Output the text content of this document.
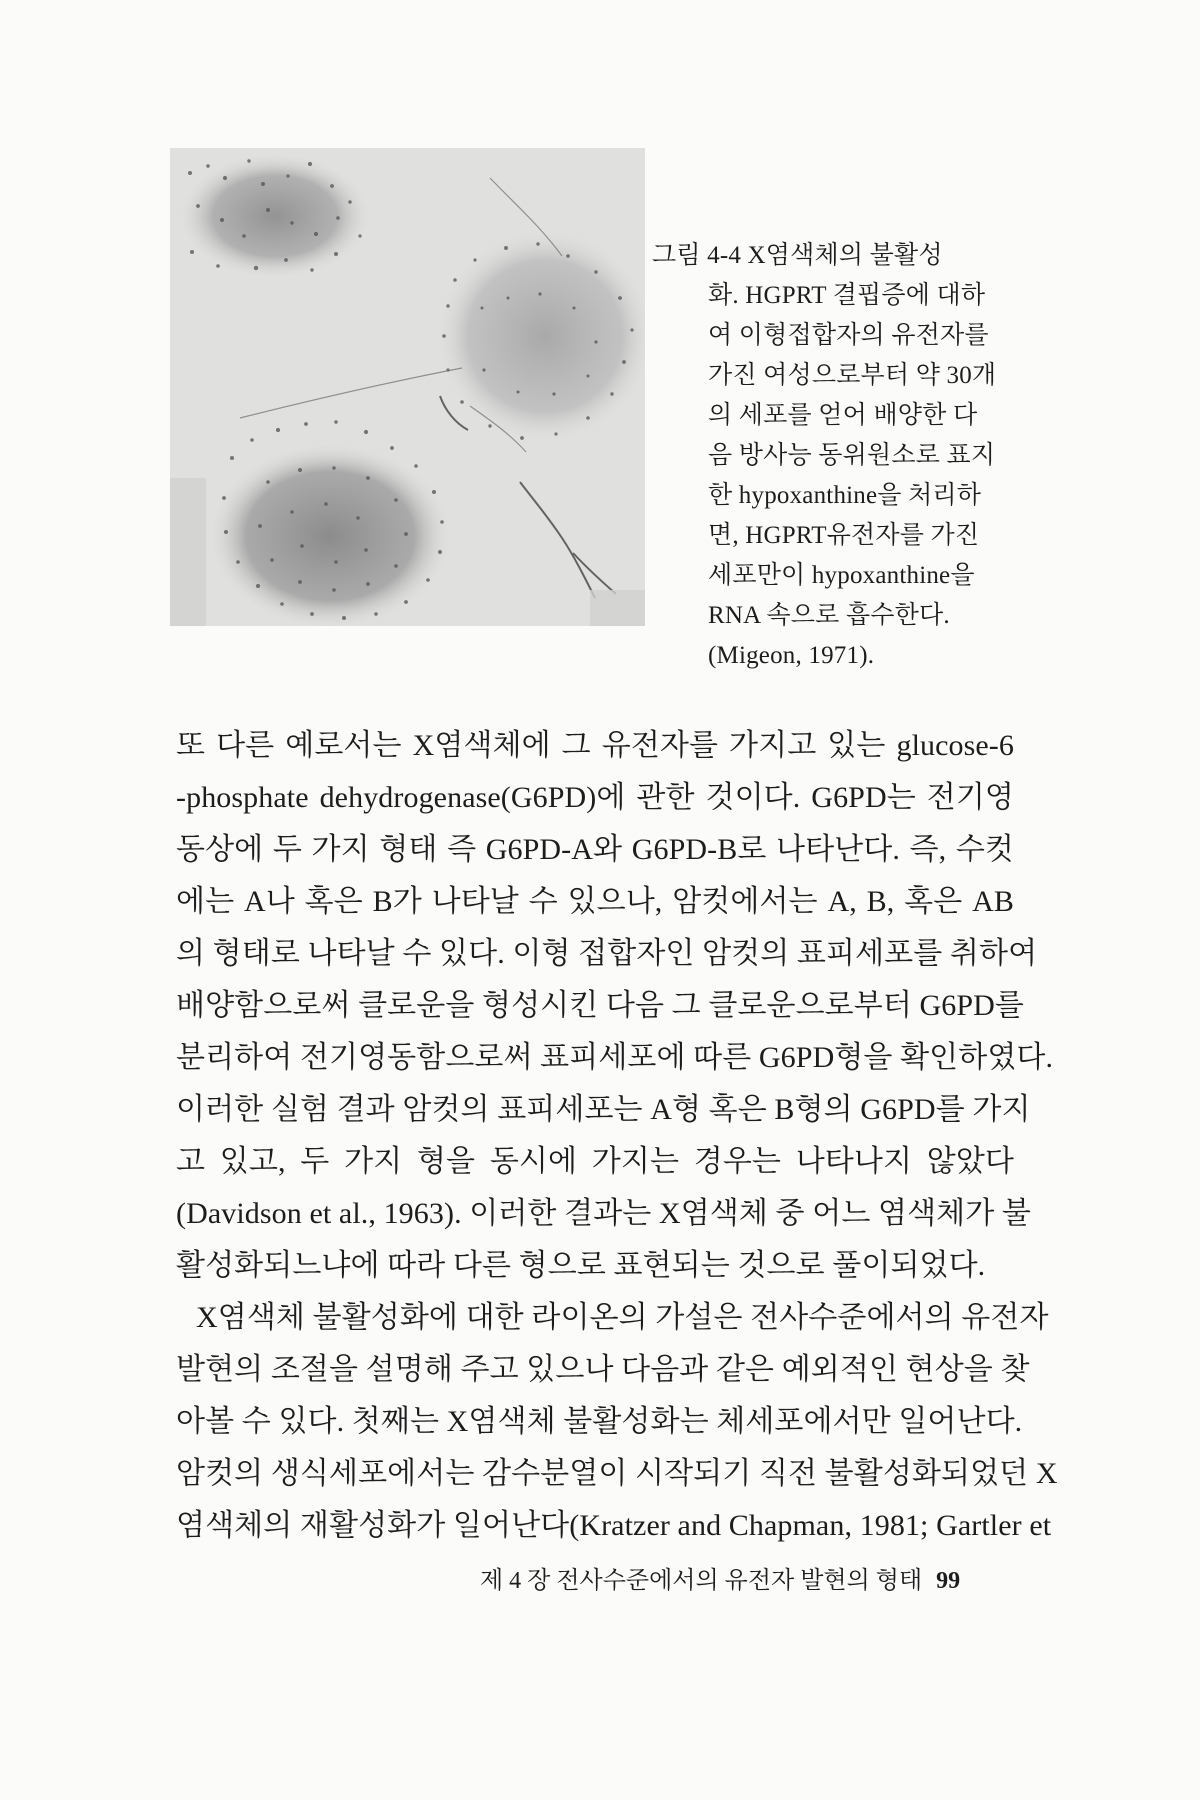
그림 4-4 X염색체의 불활성
화. HGPRT 결핍증에 대하
여 이형접합자의 유전자를
가진 여성으로부터 약 30개
의 세포를 얻어 배양한 다
음 방사능 동위원소로 표지
한 hypoxanthine을 처리하
면, HGPRT유전자를 가진
세포만이 hypoxanthine을
RNA 속으로 흡수한다.
(Migeon, 1971).
또 다른 예로서는 X염색체에 그 유전자를 가지고 있는 glucose-6
-phosphate dehydrogenase(G6PD)에 관한 것이다. G6PD는 전기영
동상에 두 가지 형태 즉 G6PD-A와 G6PD-B로 나타난다. 즉, 수컷
에는 A나 혹은 B가 나타날 수 있으나, 암컷에서는 A, B, 혹은 AB
의 형태로 나타날 수 있다. 이형 접합자인 암컷의 표피세포를 취하여
배양함으로써 클로운을 형성시킨 다음 그 클로운으로부터 G6PD를
분리하여 전기영동함으로써 표피세포에 따른 G6PD형을 확인하였다.
이러한 실험 결과 암컷의 표피세포는 A형 혹은 B형의 G6PD를 가지
고 있고, 두 가지 형을 동시에 가지는 경우는 나타나지 않았다
(Davidson et al., 1963). 이러한 결과는 X염색체 중 어느 염색체가 불
활성화되느냐에 따라 다른 형으로 표현되는 것으로 풀이되었다.
X염색체 불활성화에 대한 라이온의 가설은 전사수준에서의 유전자
발현의 조절을 설명해 주고 있으나 다음과 같은 예외적인 현상을 찾
아볼 수 있다. 첫째는 X염색체 불활성화는 체세포에서만 일어난다.
암컷의 생식세포에서는 감수분열이 시작되기 직전 불활성화되었던 X
염색체의 재활성화가 일어난다(Kratzer and Chapman, 1981; Gartler et
제 4 장 전사수준에서의 유전자 발현의 형태 99
